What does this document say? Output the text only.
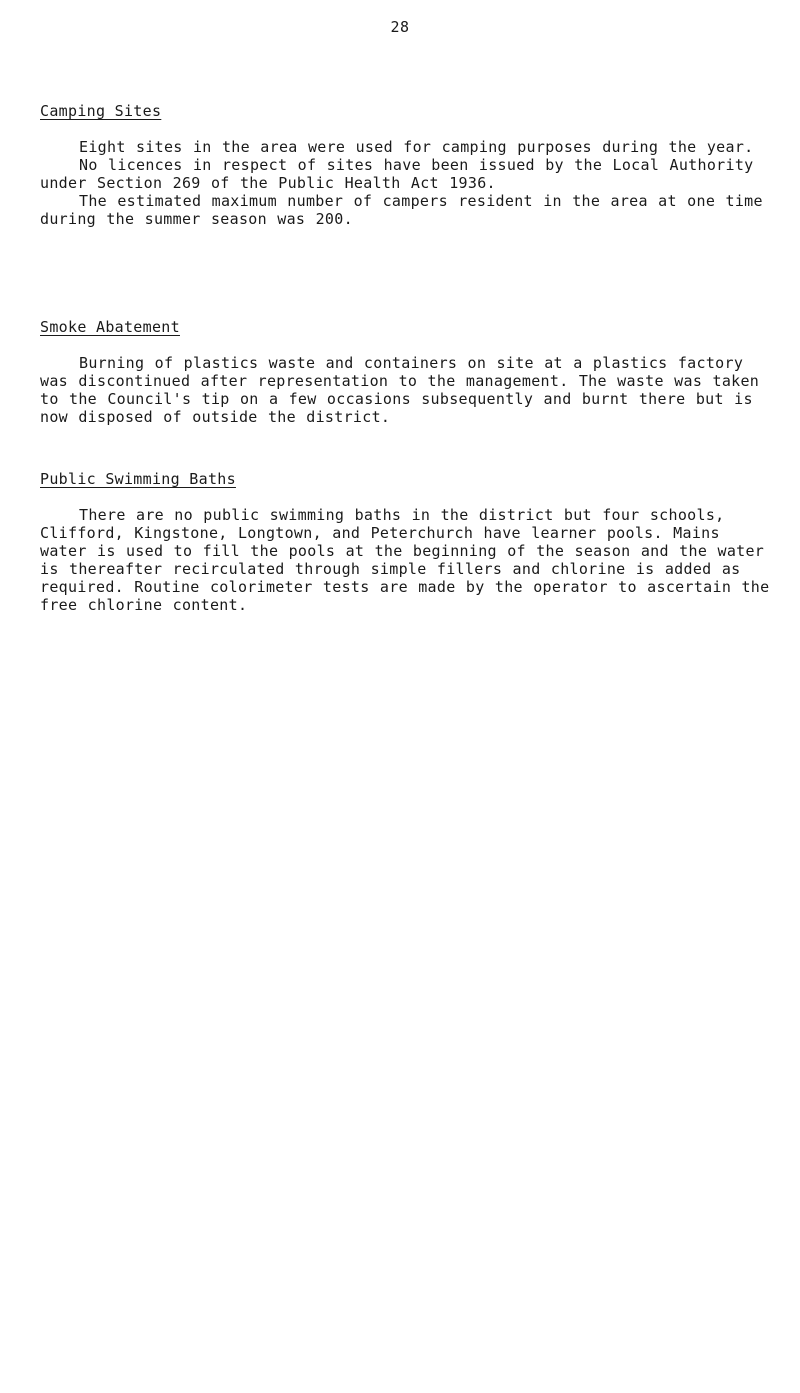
28
Camping Sites

Eight sites in the area were used for camping purposes during the year.

No licences in respect of sites have been issued by the Local Authority under Section 269 of the Public Health Act 1936.

The estimated maximum number of campers resident in the area at one time during the summer season was 200.

Smoke Abatement

Burning of plastics waste and containers on site at a plastics factory was discontinued after representation to the management. The waste was taken to the Council's tip on a few occasions subsequently and burnt there but is now disposed of outside the district.

Public Swimming Baths

There are no public swimming baths in the district but four schools, Clifford, Kingstone, Longtown, and Peterchurch have learner pools. Mains water is used to fill the pools at the beginning of the season and the water is thereafter recirculated through simple fillers and chlorine is added as required. Routine colorimeter tests are made by the operator to ascertain the free chlorine content.
